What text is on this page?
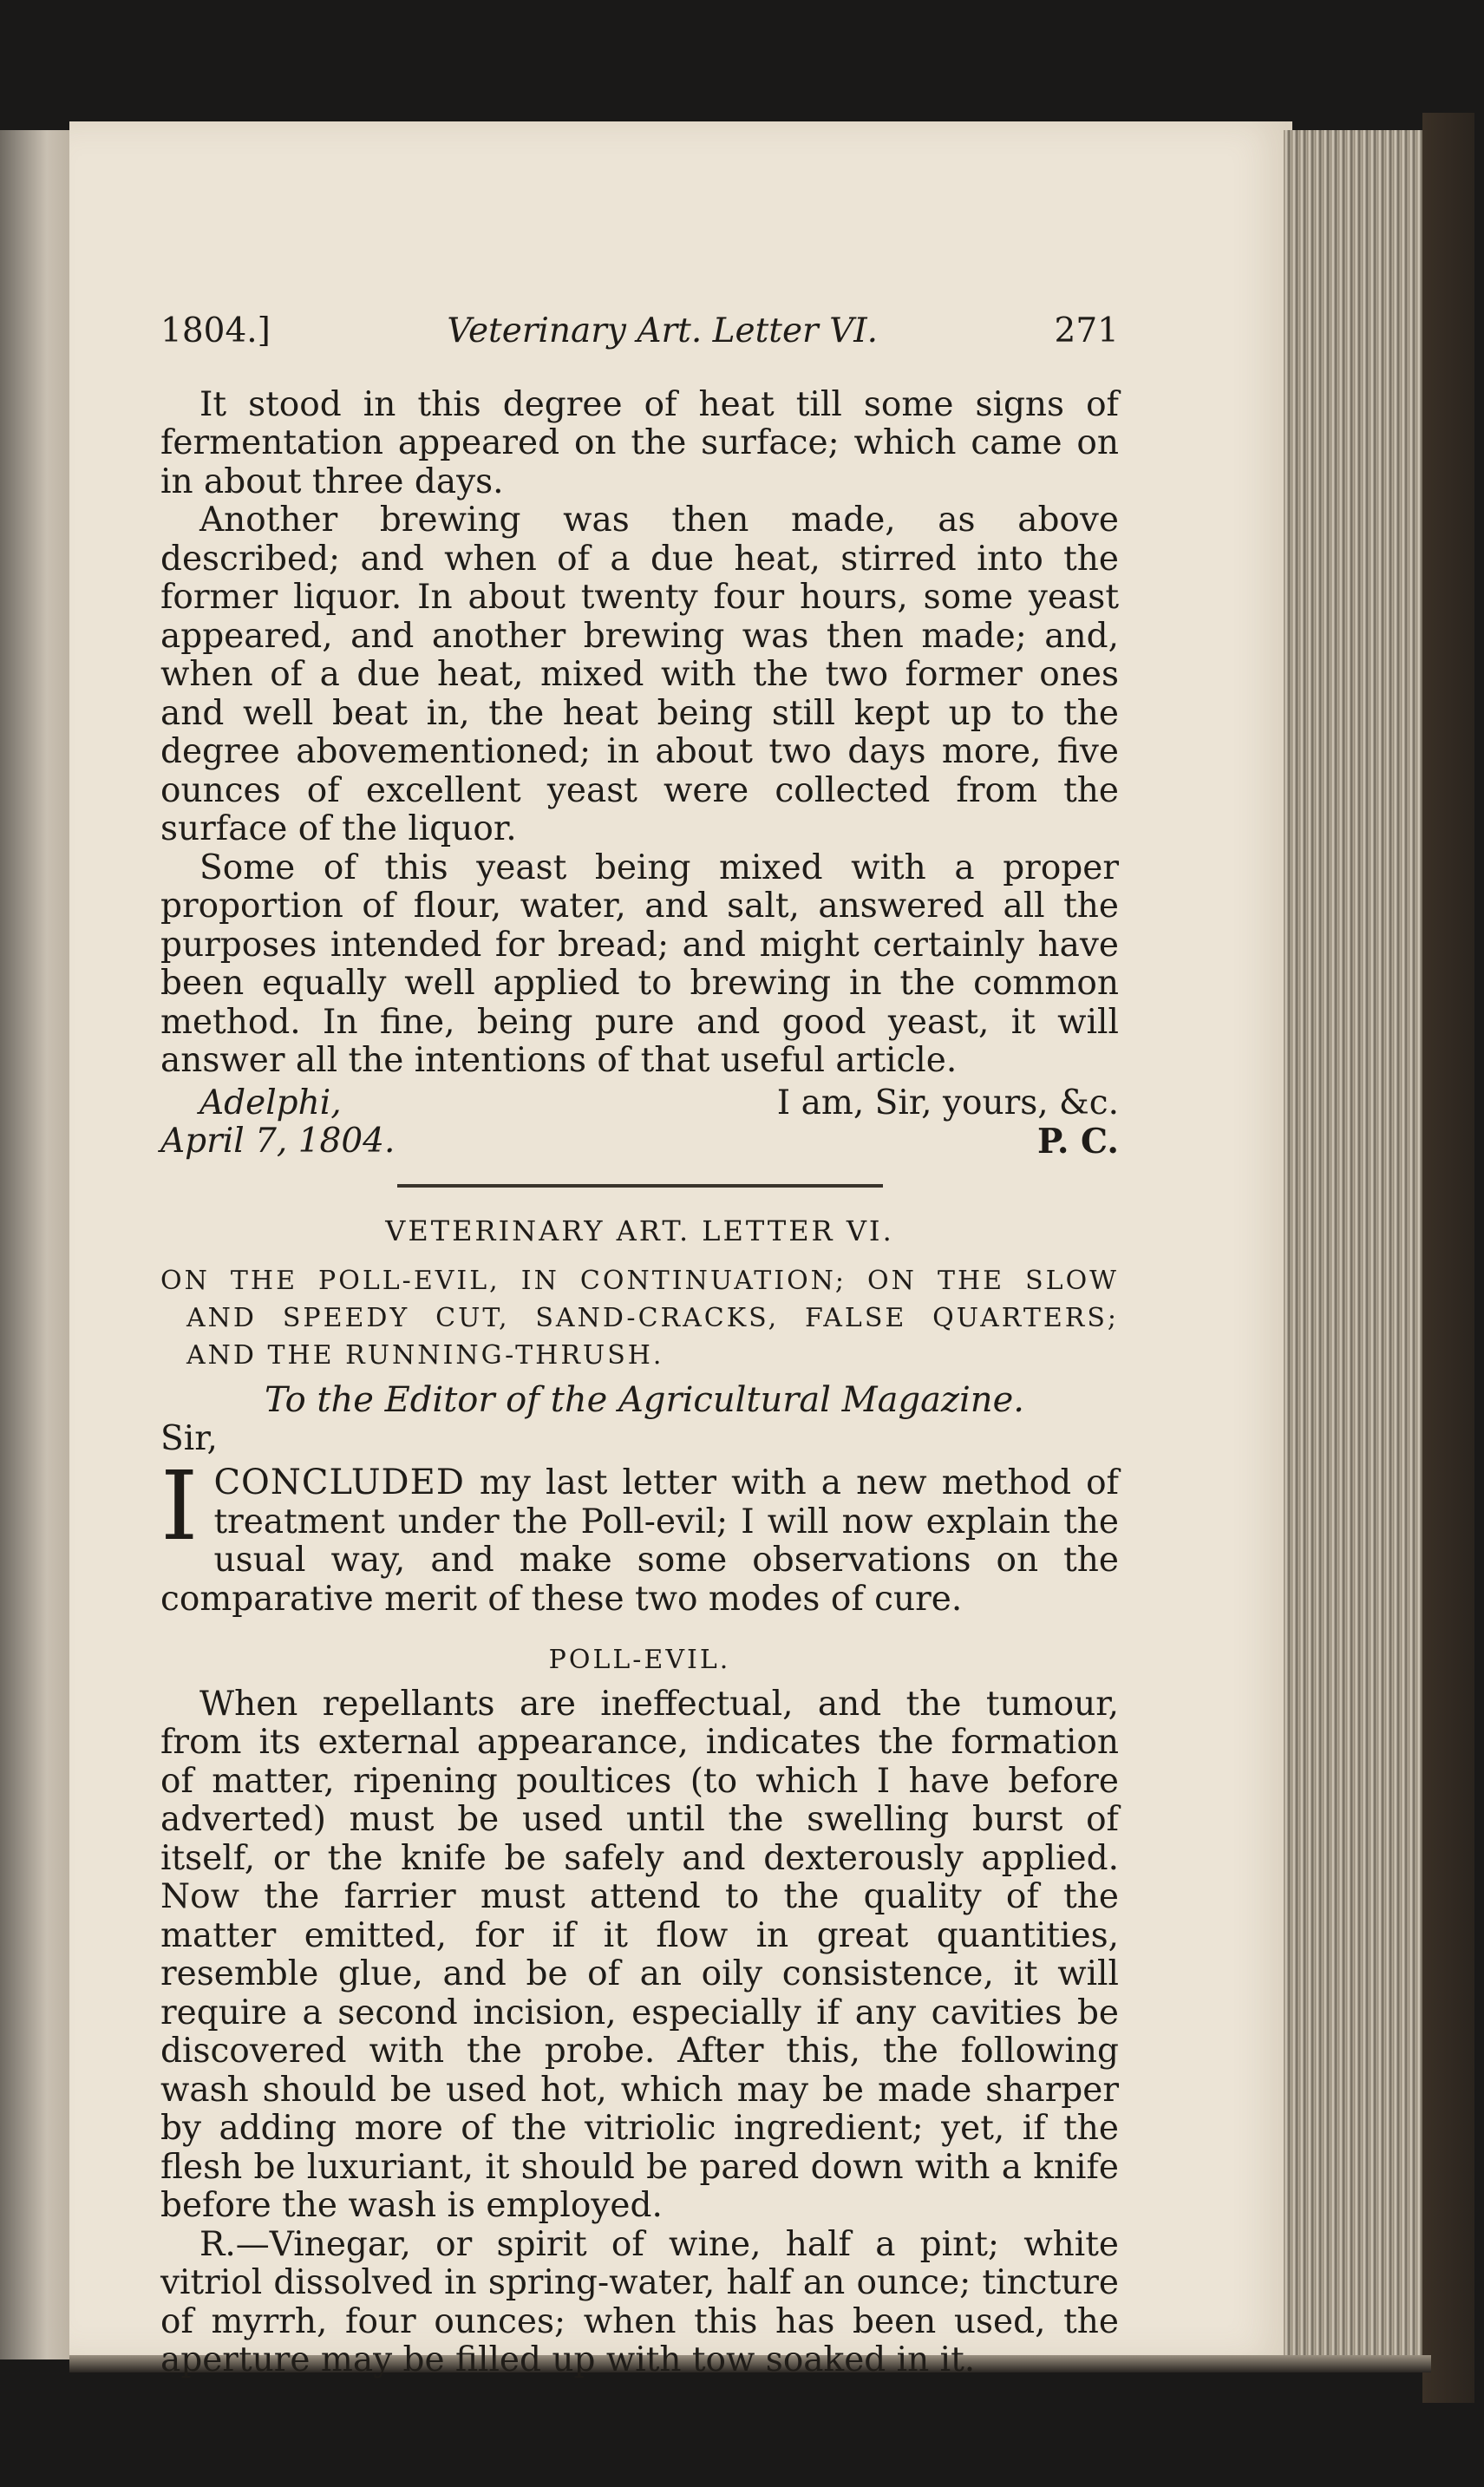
1804.]	Veterinary Art. Letter VI.	271

It stood in this degree of heat till some signs of fermentation appeared on the surface; which came on in about three days.

Another brewing was then made, as above described; and when of a due heat, stirred into the former liquor. In about twenty four hours, some yeast appeared, and another brewing was then made; and, when of a due heat, mixed with the two former ones and well beat in, the heat being still kept up to the degree abovementioned; in about two days more, five ounces of excellent yeast were collected from the surface of the liquor.

Some of this yeast being mixed with a proper proportion of flour, water, and salt, answered all the purposes intended for bread; and might certainly have been equally well applied to brewing in the common method. In fine, being pure and good yeast, it will answer all the intentions of that useful article.

Adelphi,
April 7, 1804.
I am, Sir, yours, &c.
P. C.
VETERINARY ART. LETTER VI.
ON THE POLL-EVIL, IN CONTINUATION; ON THE SLOW AND SPEEDY CUT, SAND-CRACKS, FALSE QUARTERS; AND THE RUNNING-THRUSH.
To the Editor of the Agricultural Magazine.
Sir,

ICONCLUDED my last letter with a new method of treatment under the Poll-evil; I will now explain the usual way, and make some observations on the comparative merit of these two modes of cure.

POLL-EVIL.

When repellants are ineffectual, and the tumour, from its external appearance, indicates the formation of matter, ripening poultices (to which I have before adverted) must be used until the swelling burst of itself, or the knife be safely and dexterously applied. Now the farrier must attend to the quality of the matter emitted, for if it flow in great quantities, resemble glue, and be of an oily consistence, it will require a second incision, especially if any cavities be discovered with the probe. After this, the following wash should be used hot, which may be made sharper by adding more of the vitriolic ingredient; yet, if the flesh be luxuriant, it should be pared down with a knife before the wash is employed.

R.—Vinegar, or spirit of wine, half a pint; white vitriol dissolved in spring-water, half an ounce; tincture of myrrh, four ounces; when this has been used, the aperture may be filled up with tow soaked in it.
